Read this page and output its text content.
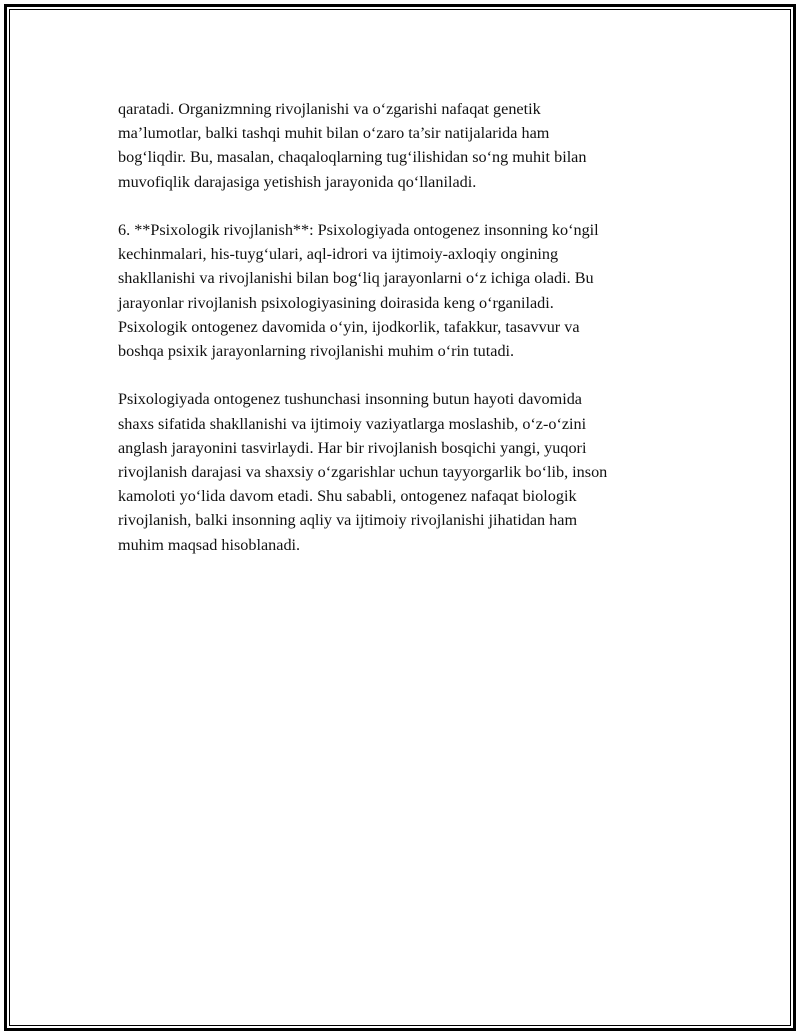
qaratadi. Organizmning rivojlanishi va o‘zgarishi nafaqat genetik
ma’lumotlar, balki tashqi muhit bilan o‘zaro ta’sir natijalarida ham
bog‘liqdir. Bu, masalan, chaqaloqlarning tug‘ilishidan so‘ng muhit bilan
muvofiqlik darajasiga yetishish jarayonida qo‘llaniladi.
6. **Psixologik rivojlanish**: Psixologiyada ontogenez insonning ko‘ngil
kechinmalari, his-tuyg‘ulari, aql-idrori va ijtimoiy-axloqiy ongining
shakllanishi va rivojlanishi bilan bog‘liq jarayonlarni o‘z ichiga oladi. Bu
jarayonlar rivojlanish psixologiyasining doirasida keng o‘rganiladi.
Psixologik ontogenez davomida o‘yin, ijodkorlik, tafakkur, tasavvur va
boshqa psixik jarayonlarning rivojlanishi muhim o‘rin tutadi.
Psixologiyada ontogenez tushunchasi insonning butun hayoti davomida
shaxs sifatida shakllanishi va ijtimoiy vaziyatlarga moslashib, o‘z-o‘zini
anglash jarayonini tasvirlaydi. Har bir rivojlanish bosqichi yangi, yuqori
rivojlanish darajasi va shaxsiy o‘zgarishlar uchun tayyorgarlik bo‘lib, inson
kamoloti yo‘lida davom etadi. Shu sababli, ontogenez nafaqat biologik
rivojlanish, balki insonning aqliy va ijtimoiy rivojlanishi jihatidan ham
muhim maqsad hisoblanadi.
